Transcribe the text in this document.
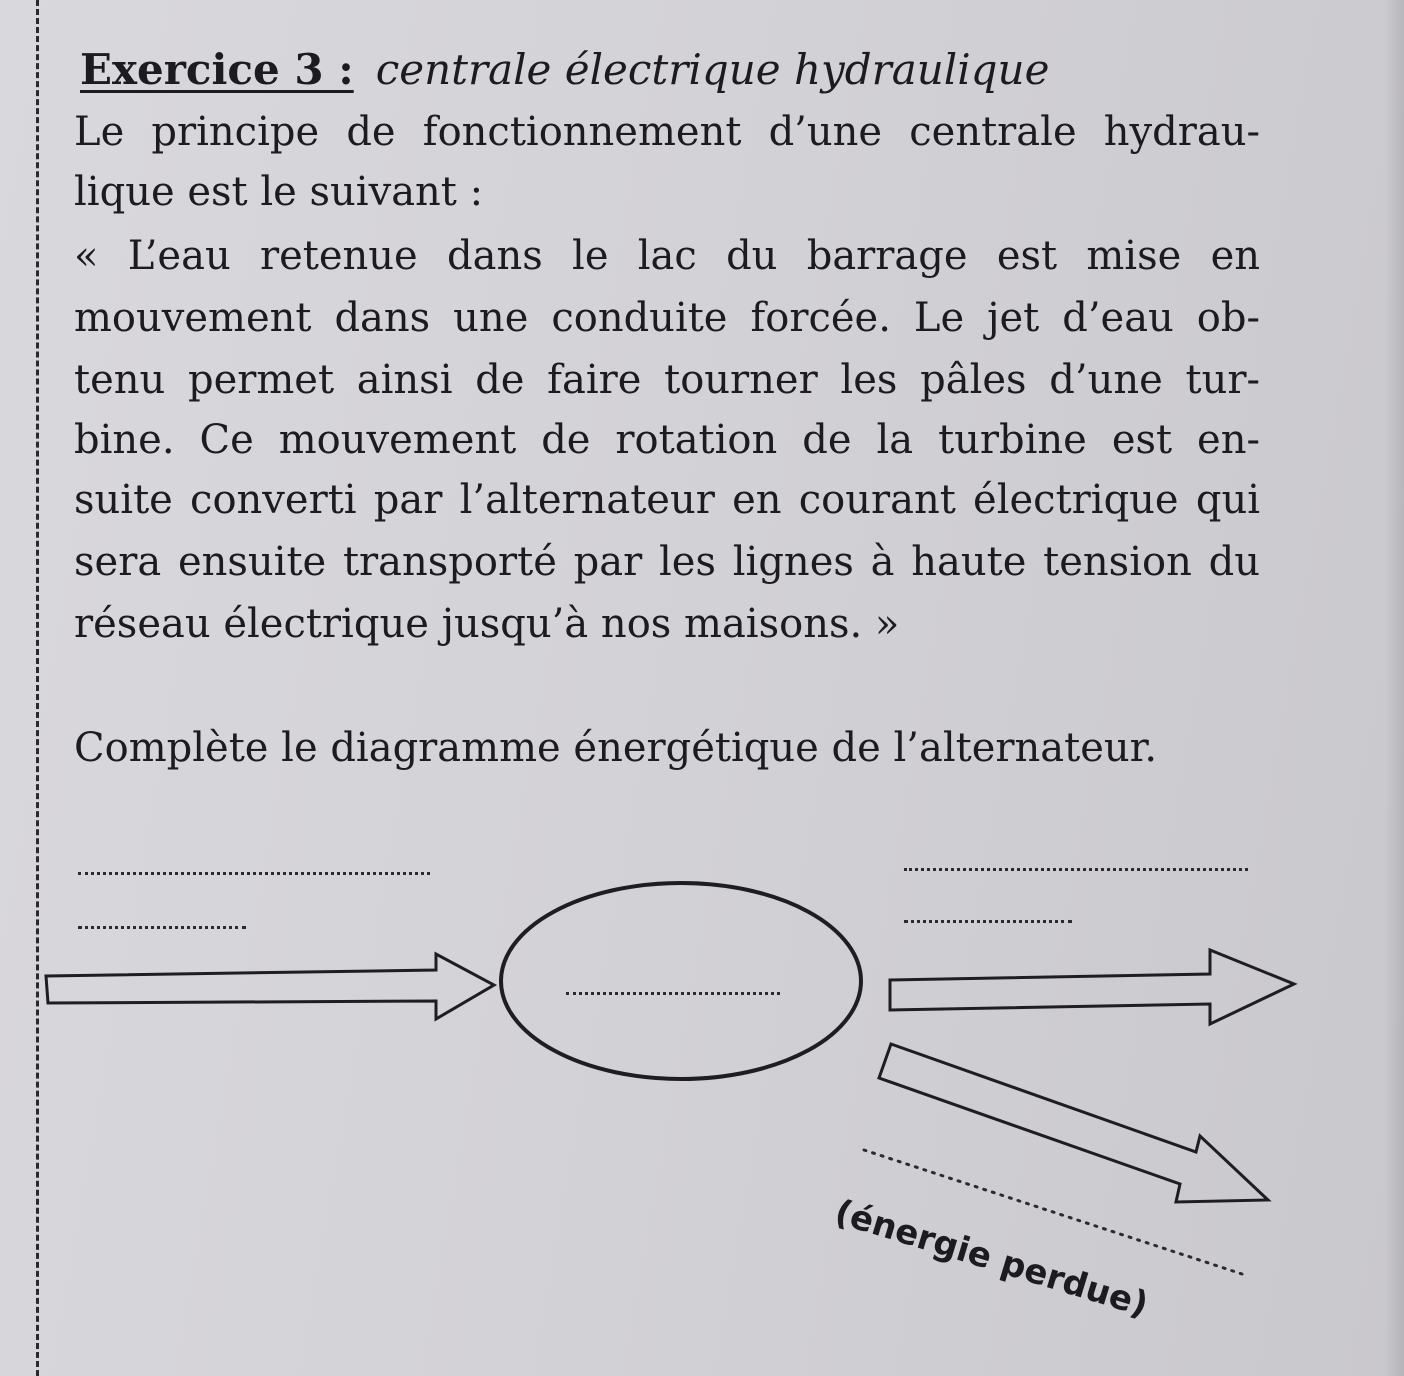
Exercice 3 : centrale électrique hydraulique

Le principe de fonctionnement d’une centrale hydrau-

lique est le suivant :

« L’eau retenue dans le lac du barrage est mise en

mouvement dans une conduite forcée. Le jet d’eau ob-

tenu permet ainsi de faire tourner les pâles d’une tur-

bine. Ce mouvement de rotation de la turbine est en-

suite converti par l’alternateur en courant électrique qui

sera ensuite transporté par les lignes à haute tension du

réseau électrique jusqu’à nos maisons. »

Complète le diagramme énergétique de l’alternateur.

(énergie perdue)
